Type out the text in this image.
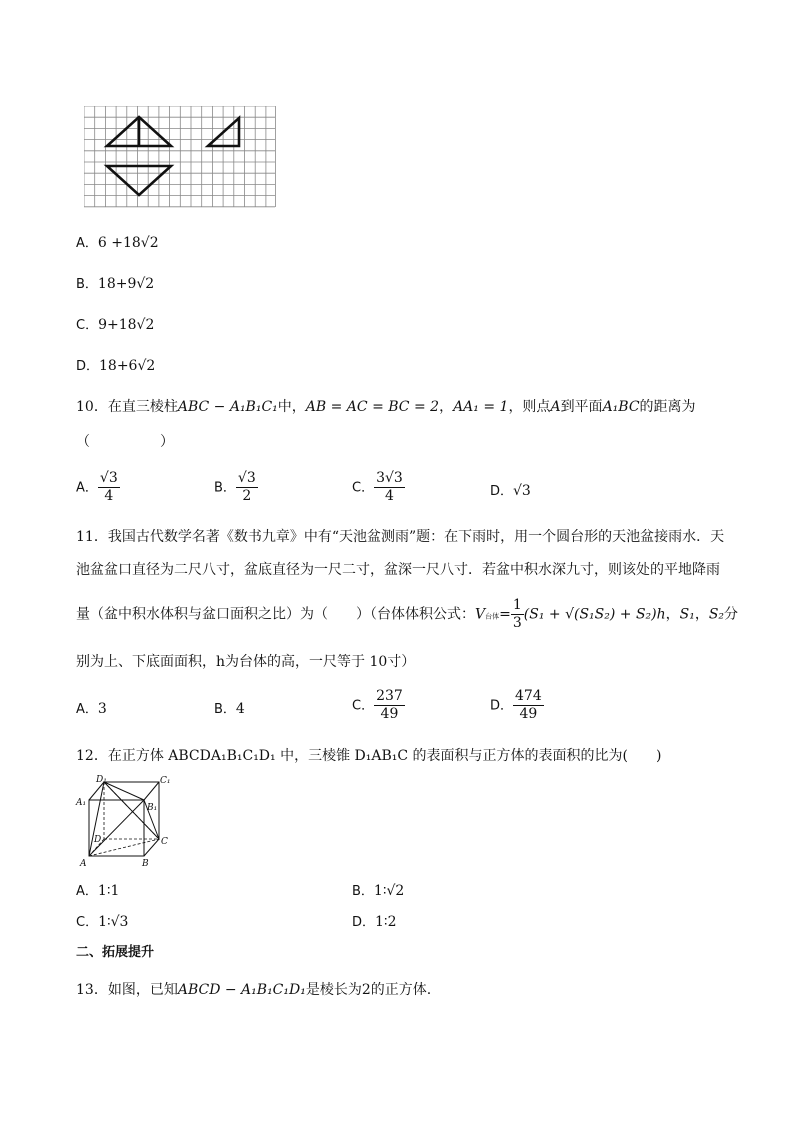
A．6 +18√2
B．18+9√2
C．9+18√2
D．18+6√2
10．在直三棱柱ABC − A₁B₁C₁中，AB = AC = BC = 2，AA₁ = 1，则点A到平面A₁BC的距离为
（　　　　　）
A． $\frac{√3}{4}$	B． $\frac{√3}{2}$	C． $\frac{3√3}{4}$	D．√3
11．我国古代数学名著《数书九章》中有“天池盆测雨”题：在下雨时，用一个圆台形的天池盆接雨水．天
池盆盆口直径为二尺八寸，盆底直径为一尺二寸，盆深一尺八寸．若盆中积水深九寸，则该处的平地降雨
量（盆中积水体积与盆口面积之比）为（　　）（台体体积公式：V台体= $\frac{1}{3} (S_1 + √(S_1S_2) + S_2)h$，S₁，S₂分
别为上、下底面面积，h为台体的高，一尺等于 10寸）
A．3	B．4	C． $\frac{237}{49}$	D． $\frac{474}{49}$
12．在正方体 ABCDA₁B₁C₁D₁ 中，三棱锥 D₁AB₁C 的表面积与正方体的表面积的比为(　　)
D₁	C₁
A₁	B₁
D	C
A	B
A．1∶1	B．1∶√2
C．1∶√3	D．1∶2
二、拓展提升
13．如图，已知ABCD − A₁B₁C₁D₁是棱长为2的正方体.
